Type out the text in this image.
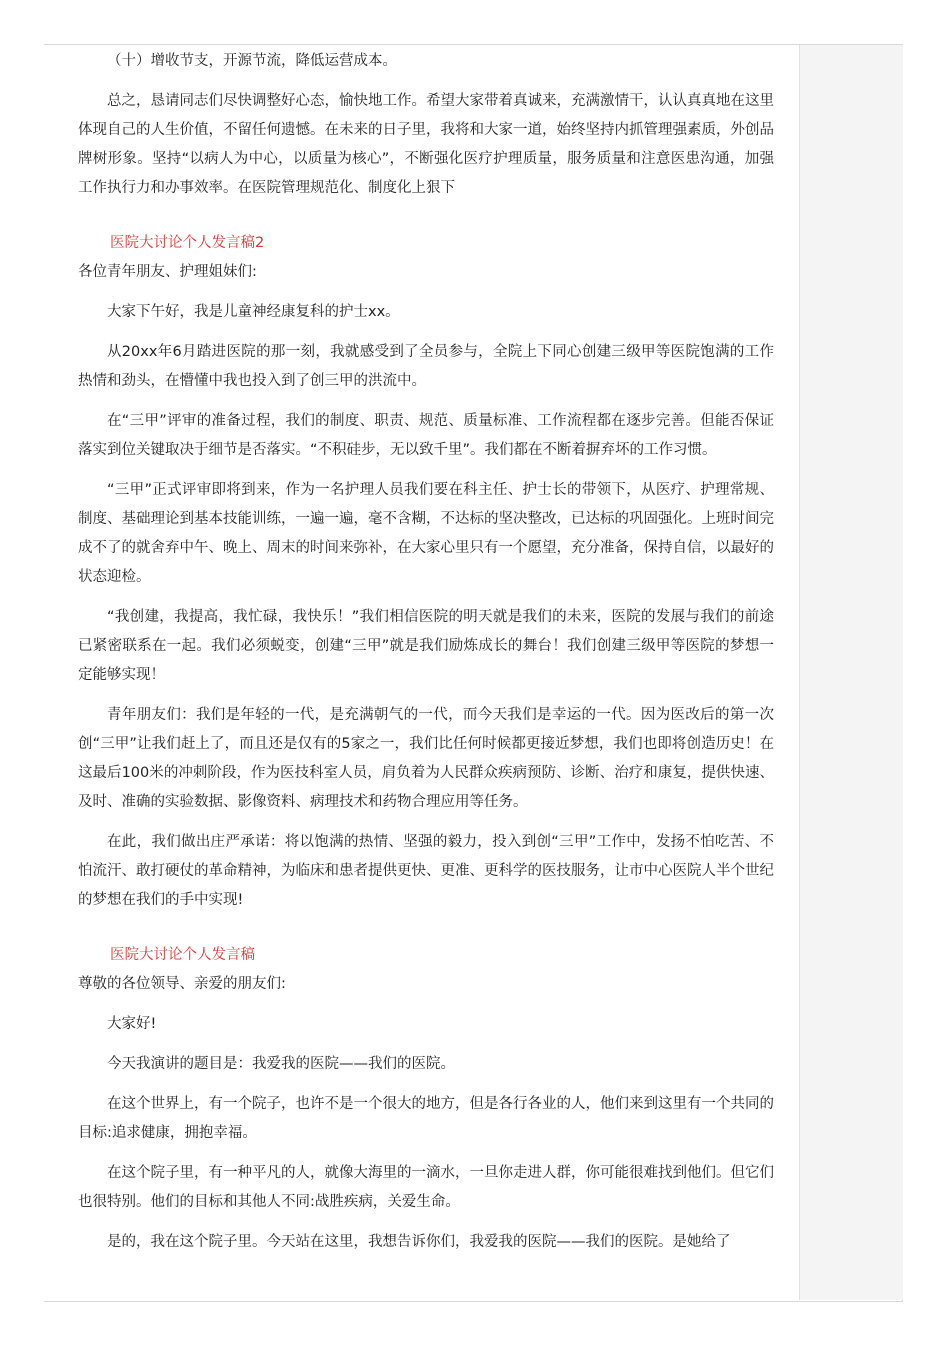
（十）增收节支，开源节流，降低运营成本。

总之，恳请同志们尽快调整好心态，愉快地工作。希望大家带着真诚来，充满激情干，认认真真地在这里体现自己的人生价值，不留任何遗憾。在未来的日子里，我将和大家一道，始终坚持内抓管理强素质，外创品牌树形象。坚持“以病人为中心，以质量为核心”，不断强化医疗护理质量，服务质量和注意医患沟通，加强工作执行力和办事效率。在医院管理规范化、制度化上狠下

医院大讨论个人发言稿2

各位青年朋友、护理姐妹们:

大家下午好，我是儿童神经康复科的护士xx。

从20xx年6月踏进医院的那一刻，我就感受到了全员参与，全院上下同心创建三级甲等医院饱满的工作热情和劲头，在懵懂中我也投入到了创三甲的洪流中。

在“三甲”评审的准备过程，我们的制度、职责、规范、质量标准、工作流程都在逐步完善。但能否保证落实到位关键取决于细节是否落实。“不积硅步，无以致千里”。我们都在不断着摒弃坏的工作习惯。

“三甲”正式评审即将到来，作为一名护理人员我们要在科主任、护士长的带领下，从医疗、护理常规、制度、基础理论到基本技能训练，一遍一遍，毫不含糊，不达标的坚决整改，已达标的巩固强化。上班时间完成不了的就舍弃中午、晚上、周末的时间来弥补，在大家心里只有一个愿望，充分准备，保持自信，以最好的状态迎检。

“我创建，我提高，我忙碌，我快乐！”我们相信医院的明天就是我们的未来，医院的发展与我们的前途已紧密联系在一起。我们必须蜕变，创建“三甲”就是我们励炼成长的舞台！我们创建三级甲等医院的梦想一定能够实现！

青年朋友们：我们是年轻的一代，是充满朝气的一代，而今天我们是幸运的一代。因为医改后的第一次创“三甲”让我们赶上了，而且还是仅有的5家之一，我们比任何时候都更接近梦想，我们也即将创造历史！在这最后100米的冲刺阶段，作为医技科室人员，肩负着为人民群众疾病预防、诊断、治疗和康复，提供快速、及时、准确的实验数据、影像资料、病理技术和药物合理应用等任务。

在此，我们做出庄严承诺：将以饱满的热情、坚强的毅力，投入到创“三甲”工作中，发扬不怕吃苦、不怕流汗、敢打硬仗的革命精神，为临床和患者提供更快、更准、更科学的医技服务，让市中心医院人半个世纪的梦想在我们的手中实现!

医院大讨论个人发言稿

尊敬的各位领导、亲爱的朋友们:

大家好!

今天我演讲的题目是：我爱我的医院——我们的医院。

在这个世界上，有一个院子，也许不是一个很大的地方，但是各行各业的人，他们来到这里有一个共同的目标:追求健康，拥抱幸福。

在这个院子里，有一种平凡的人，就像大海里的一滴水，一旦你走进人群，你可能很难找到他们。但它们也很特别。他们的目标和其他人不同:战胜疾病，关爱生命。

是的，我在这个院子里。今天站在这里，我想告诉你们，我爱我的医院——我们的医院。是她给了
